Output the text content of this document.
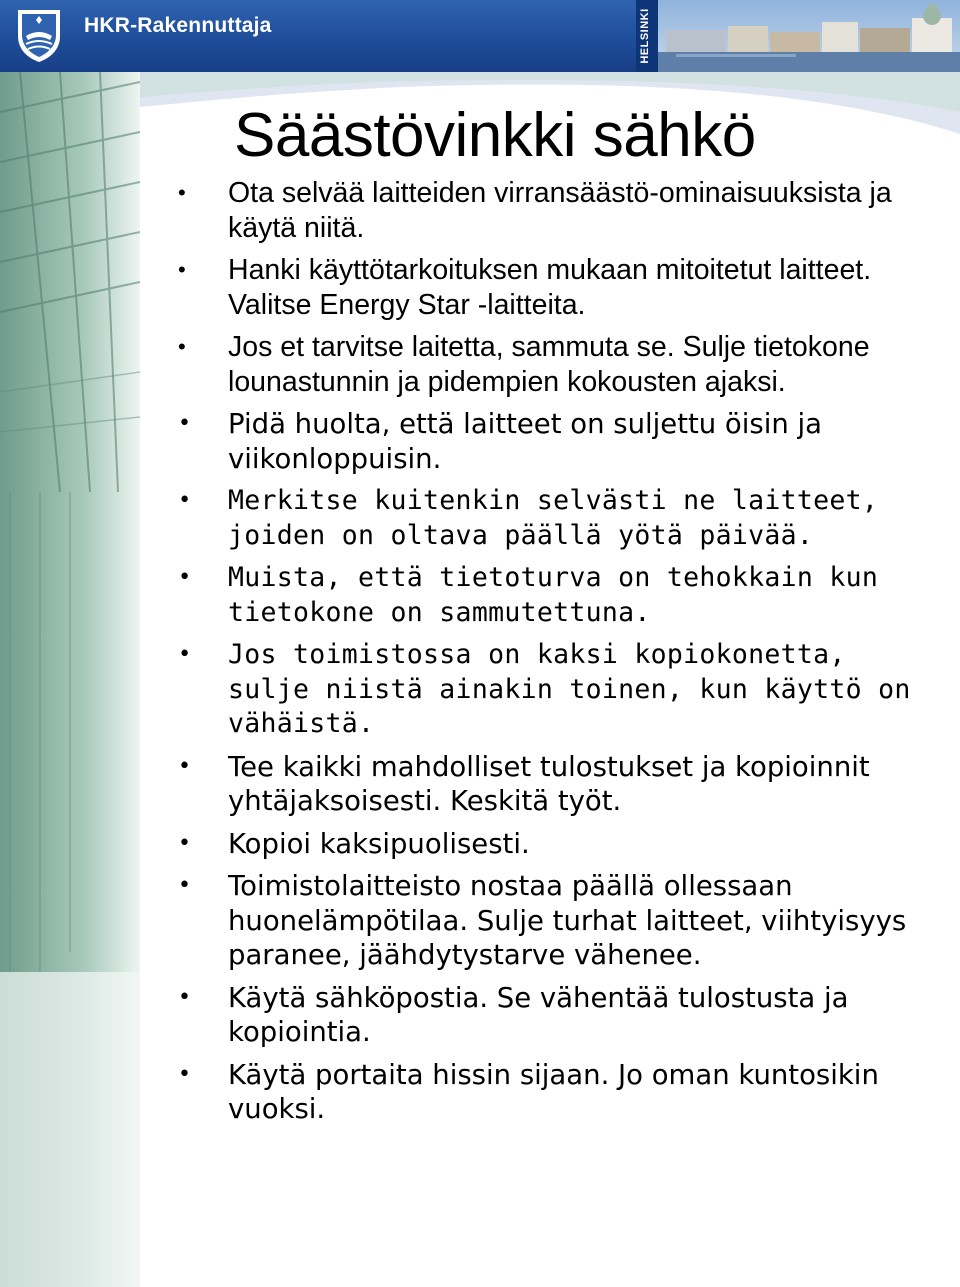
HKR-Rakennuttaja	HELSINKI
Säästövinkki sähkö
• Ota selvää laitteiden virransäästö-ominaisuuksista ja käytä niitä.
• Hanki käyttötarkoituksen mukaan mitoitetut laitteet. Valitse Energy Star -laitteita.
• Jos et tarvitse laitetta, sammuta se. Sulje tietokone lounastunnin ja pidempien kokousten ajaksi.
• Pidä huolta, että laitteet on suljettu öisin ja viikonloppuisin.
• Merkitse kuitenkin selvästi ne laitteet, joiden on oltava päällä yötä päivää.
• Muista, että tietoturva on tehokkain kun tietokone on sammutettuna.
• Jos toimistossa on kaksi kopiokonetta, sulje niistä ainakin toinen, kun käyttö on vähäistä.
• Tee kaikki mahdolliset tulostukset ja kopioinnit yhtäjaksoisesti. Keskitä työt.
• Kopioi kaksipuolisesti.
• Toimistolaitteisto nostaa päällä ollessaan huonelämpötilaa. Sulje turhat laitteet, viihtyisyys paranee, jäähdytystarve vähenee.
• Käytä sähköpostia. Se vähentää tulostusta ja kopiointia.
• Käytä portaita hissin sijaan. Jo oman kuntosikin vuoksi.
